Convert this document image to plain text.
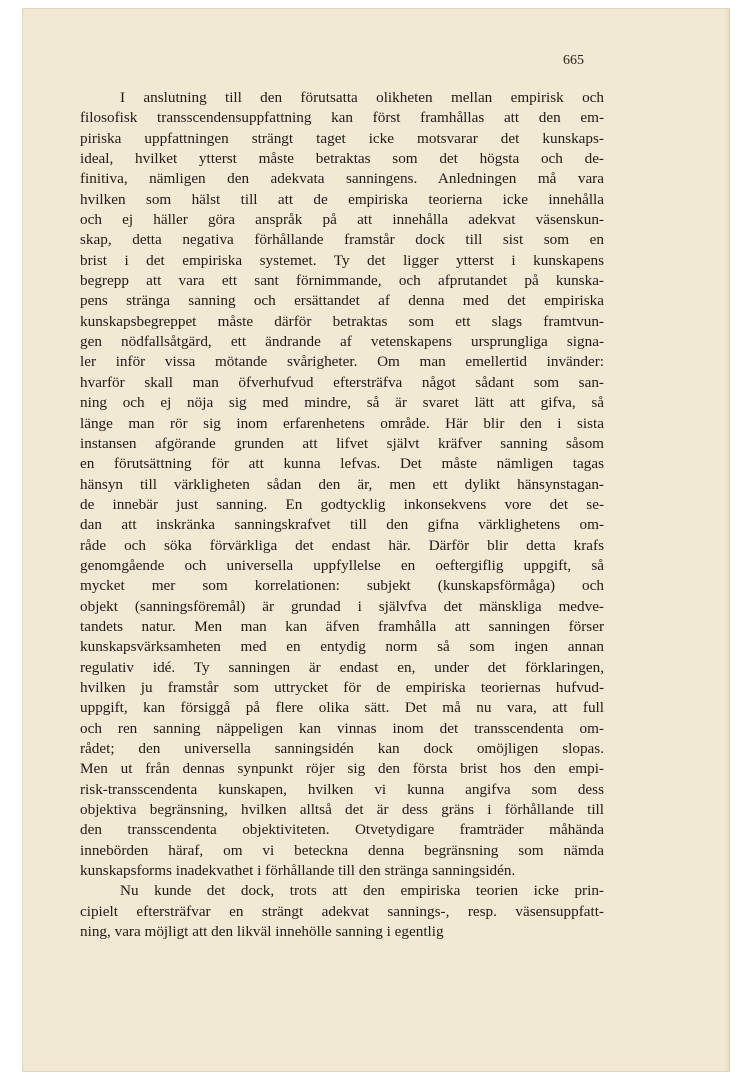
665

I anslutning till den förutsatta olikheten mellan empirisk och
filosofisk transscendensuppfattning kan först framhållas att den em-
piriska uppfattningen strängt taget icke motsvarar det kunskaps-
ideal, hvilket ytterst måste betraktas som det högsta och de-
finitiva, nämligen den adekvata sanningens. Anledningen må vara
hvilken som hälst till att de empiriska teorierna icke innehålla
och ej häller göra anspråk på att innehålla adekvat väsenskun-
skap, detta negativa förhållande framstår dock till sist som en
brist i det empiriska systemet. Ty det ligger ytterst i kunskapens
begrepp att vara ett sant förnimmande, och afprutandet på kunska-
pens stränga sanning och ersättandet af denna med det empiriska
kunskapsbegreppet måste därför betraktas som ett slags framtvun-
gen nödfallsåtgärd, ett ändrande af vetenskapens ursprungliga signa-
ler inför vissa mötande svårigheter. Om man emellertid invänder:
hvarför skall man öfverhufvud eftersträfva något sådant som san-
ning och ej nöja sig med mindre, så är svaret lätt att gifva, så
länge man rör sig inom erfarenhetens område. Här blir den i sista
instansen afgörande grunden att lifvet självt kräfver sanning såsom
en förutsättning för att kunna lefvas. Det måste nämligen tagas
hänsyn till värkligheten sådan den är, men ett dylikt hänsynstagan-
de innebär just sanning. En godtycklig inkonsekvens vore det se-
dan att inskränka sanningskrafvet till den gifna värklighetens om-
råde och söka förvärkliga det endast här. Därför blir detta krafs
genomgående och universella uppfyllelse en oeftergiflig uppgift, så
mycket mer som korrelationen: subjekt (kunskapsförmåga) och
objekt (sanningsföremål) är grundad i självfva det mänskliga medve-
tandets natur. Men man kan äfven framhålla att sanningen förser
kunskapsvärksamheten med en entydig norm så som ingen annan
regulativ idé. Ty sanningen är endast en, under det förklaringen,
hvilken ju framstår som uttrycket för de empiriska teoriernas hufvud-
uppgift, kan försiggå på flere olika sätt. Det må nu vara, att full
och ren sanning näppeligen kan vinnas inom det transscendenta om-
rådet; den universella sanningsidén kan dock omöjligen slopas.
Men ut från dennas synpunkt röjer sig den första brist hos den empi-
risk-transscendenta kunskapen, hvilken vi kunna angifva som dess
objektiva begränsning, hvilken alltså det är dess gräns i förhållande till
den transscendenta objektiviteten. Otvetydigare framträder måhända
innebörden häraf, om vi beteckna denna begränsning som nämda
kunskapsforms inadekvathet i förhållande till den stränga sanningsidén.
Nu kunde det dock, trots att den empiriska teorien icke prin-
cipielt eftersträfvar en strängt adekvat sannings-, resp. väsensuppfatt-
ning, vara möjligt att den likväl innehölle sanning i egentlig
